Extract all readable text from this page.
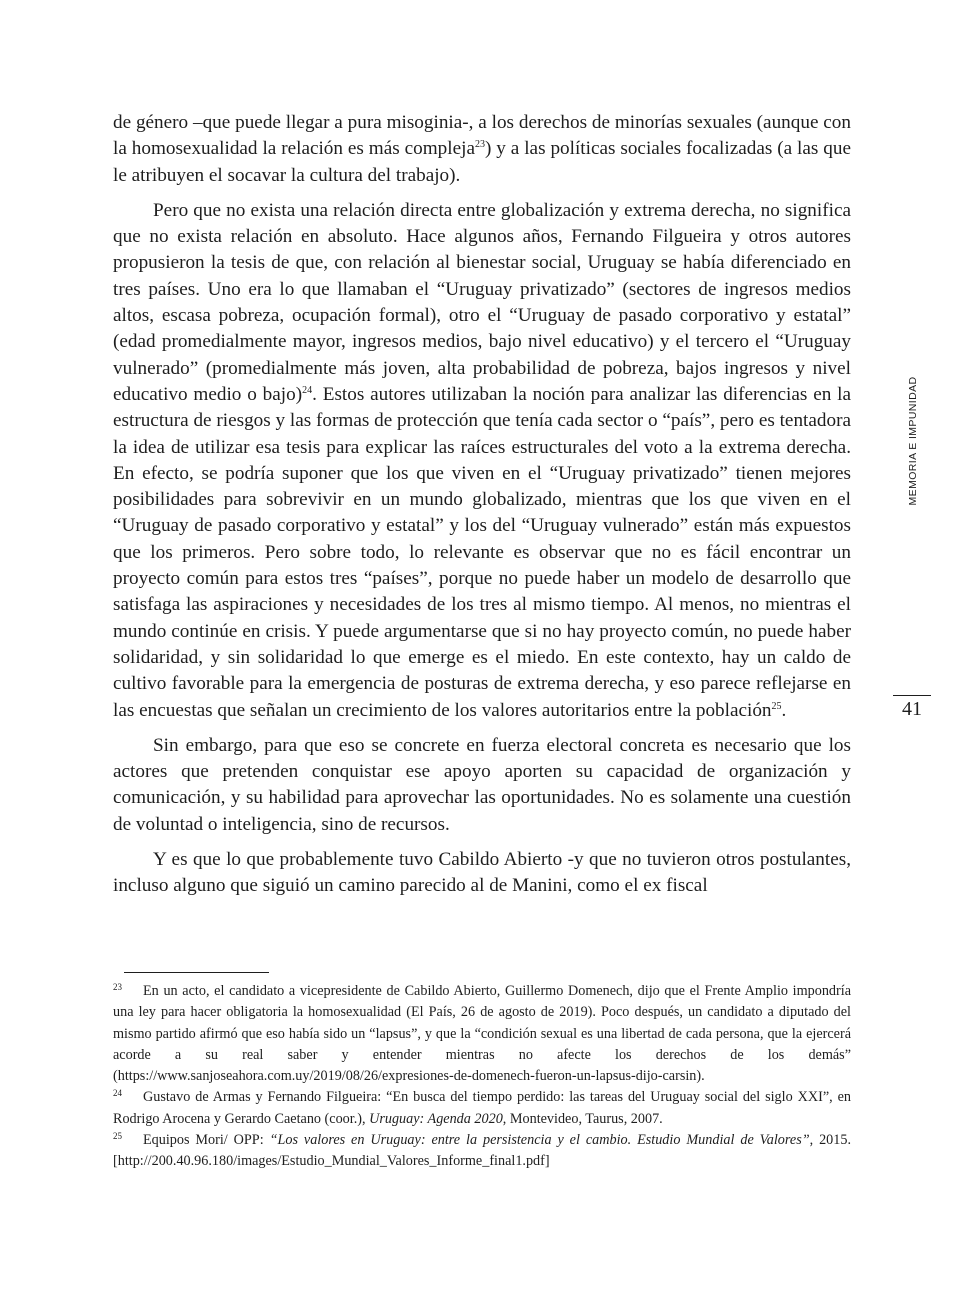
de género –que puede llegar a pura misoginia-, a los derechos de minorías sexuales (aunque con la homosexualidad la relación es más compleja$^{23}$) y a las políticas sociales focalizadas (a las que le atribuyen el socavar la cultura del trabajo).

Pero que no exista una relación directa entre globalización y extrema derecha, no significa que no exista relación en absoluto. Hace algunos años, Fernando Filgueira y otros autores propusieron la tesis de que, con relación al bienestar social, Uruguay se había diferenciado en tres países. Uno era lo que llamaban el “Uruguay privatizado” (sectores de ingresos medios altos, escasa pobreza, ocupación formal), otro el “Uruguay de pasado corporativo y estatal” (edad promedialmente mayor, ingresos medios, bajo nivel educativo) y el tercero el “Uruguay vulnerado” (promedialmente más joven, alta probabilidad de pobreza, bajos ingresos y nivel educativo medio o bajo)$^{24}$. Estos autores utilizaban la noción para analizar las diferencias en la estructura de riesgos y las formas de protección que tenía cada sector o “país”, pero es tentadora la idea de utilizar esa tesis para explicar las raíces estructurales del voto a la extrema derecha. En efecto, se podría suponer que los que viven en el “Uruguay privatizado” tienen mejores posibilidades para sobrevivir en un mundo globalizado, mientras que los que viven en el “Uruguay de pasado corporativo y estatal” y los del “Uruguay vulnerado” están más expuestos que los primeros. Pero sobre todo, lo relevante es observar que no es fácil encontrar un proyecto común para estos tres “países”, porque no puede haber un modelo de desarrollo que satisfaga las aspiraciones y necesidades de los tres al mismo tiempo. Al menos, no mientras el mundo continúe en crisis. Y puede argumentarse que si no hay proyecto común, no puede haber solidaridad, y sin solidaridad lo que emerge es el miedo. En este contexto, hay un caldo de cultivo favorable para la emergencia de posturas de extrema derecha, y eso parece reflejarse en las encuestas que señalan un crecimiento de los valores autoritarios entre la población$^{25}$.

Sin embargo, para que eso se concrete en fuerza electoral concreta es necesario que los actores que pretenden conquistar ese apoyo aporten su capacidad de organización y comunicación, y su habilidad para aprovechar las oportunidades. No es solamente una cuestión de voluntad o inteligencia, sino de recursos.

Y es que lo que probablemente tuvo Cabildo Abierto -y que no tuvieron otros postulantes, incluso alguno que siguió un camino parecido al de Manini, como el ex fiscal

MEMORIA E IMPUNIDAD
41

23 En un acto, el candidato a vicepresidente de Cabildo Abierto, Guillermo Domenech, dijo que el Frente Amplio impondría una ley para hacer obligatoria la homosexualidad (El País, 26 de agosto de 2019). Poco después, un candidato a diputado del mismo partido afirmó que eso había sido un “lapsus”, y que la “condición sexual es una libertad de cada persona, que la ejercerá acorde a su real saber y entender mientras no afecte los derechos de los demás” (https://www.sanjoseahora.com.uy/2019/08/26/expresiones-de-domenech-fueron-un-lapsus-dijo-carsin).

24 Gustavo de Armas y Fernando Filgueira: “En busca del tiempo perdido: las tareas del Uruguay social del siglo XXI”, en Rodrigo Arocena y Gerardo Caetano (coor.), Uruguay: Agenda 2020, Montevideo, Taurus, 2007.

25 Equipos Mori/ OPP: “Los valores en Uruguay: entre la persistencia y el cambio. Estudio Mundial de Valores”, 2015. [http://200.40.96.180/images/Estudio_Mundial_Valores_Informe_final1.pdf]
